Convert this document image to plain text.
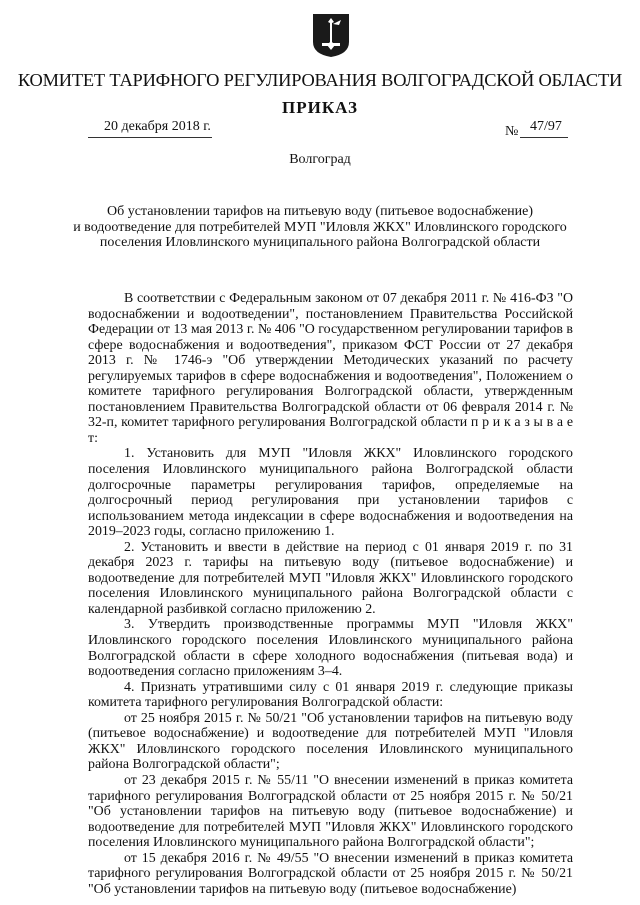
КОМИТЕТ ТАРИФНОГО РЕГУЛИРОВАНИЯ ВОЛГОГРАДСКОЙ ОБЛАСТИ
ПРИКАЗ
20 декабря 2018 г.	№ 47/97
Волгоград
Об установлении тарифов на питьевую воду (питьевое водоснабжение)
и водоотведение для потребителей МУП "Иловля ЖКХ" Иловлинского городского
поселения Иловлинского муниципального района Волгоградской области

В соответствии с Федеральным законом от 07 декабря 2011 г. № 416-ФЗ "О водоснабжении и водоотведении", постановлением Правительства Российской Федерации от 13 мая 2013 г. № 406 "О государственном регулировании тарифов в сфере водоснабжения и водоотведения", приказом ФСТ России от 27 декабря 2013 г. № 1746-э "Об утверждении Методических указаний по расчету регулируемых тарифов в сфере водоснабжения и водоотведения", Положением о комитете тарифного регулирования Волгоградской области, утвержденным постановлением Правительства Волгоградской области от 06 февраля 2014 г. № 32-п, комитет тарифного регулирования Волгоградской области п р и к а з ы в а е т:

1. Установить для МУП "Иловля ЖКХ" Иловлинского городского поселения Иловлинского муниципального района Волгоградской области долгосрочные параметры регулирования тарифов, определяемые на долгосрочный период регулирования при установлении тарифов с использованием метода индексации в сфере водоснабжения и водоотведения на 2019–2023 годы, согласно приложению 1.

2. Установить и ввести в действие на период с 01 января 2019 г. по 31 декабря 2023 г. тарифы на питьевую воду (питьевое водоснабжение) и водоотведение для потребителей МУП "Иловля ЖКХ" Иловлинского городского поселения Иловлинского муниципального района Волгоградской области с календарной разбивкой согласно приложению 2.

3. Утвердить производственные программы МУП "Иловля ЖКХ" Иловлинского городского поселения Иловлинского муниципального района Волгоградской области в сфере холодного водоснабжения (питьевая вода) и водоотведения согласно приложениям 3–4.

4. Признать утратившими силу с 01 января 2019 г. следующие приказы комитета тарифного регулирования Волгоградской области:

от 25 ноября 2015 г. № 50/21 "Об установлении тарифов на питьевую воду (питьевое водоснабжение) и водоотведение для потребителей МУП "Иловля ЖКХ" Иловлинского городского поселения Иловлинского муниципального района Волгоградской области";

от 23 декабря 2015 г. № 55/11 "О внесении изменений в приказ комитета тарифного регулирования Волгоградской области от 25 ноября 2015 г. № 50/21 "Об установлении тарифов на питьевую воду (питьевое водоснабжение) и водоотведение для потребителей МУП "Иловля ЖКХ" Иловлинского городского поселения Иловлинского муниципального района Волгоградской области";

от 15 декабря 2016 г. № 49/55 "О внесении изменений в приказ комитета тарифного регулирования Волгоградской области от 25 ноября 2015 г. № 50/21 "Об установлении тарифов на питьевую воду (питьевое водоснабжение)
